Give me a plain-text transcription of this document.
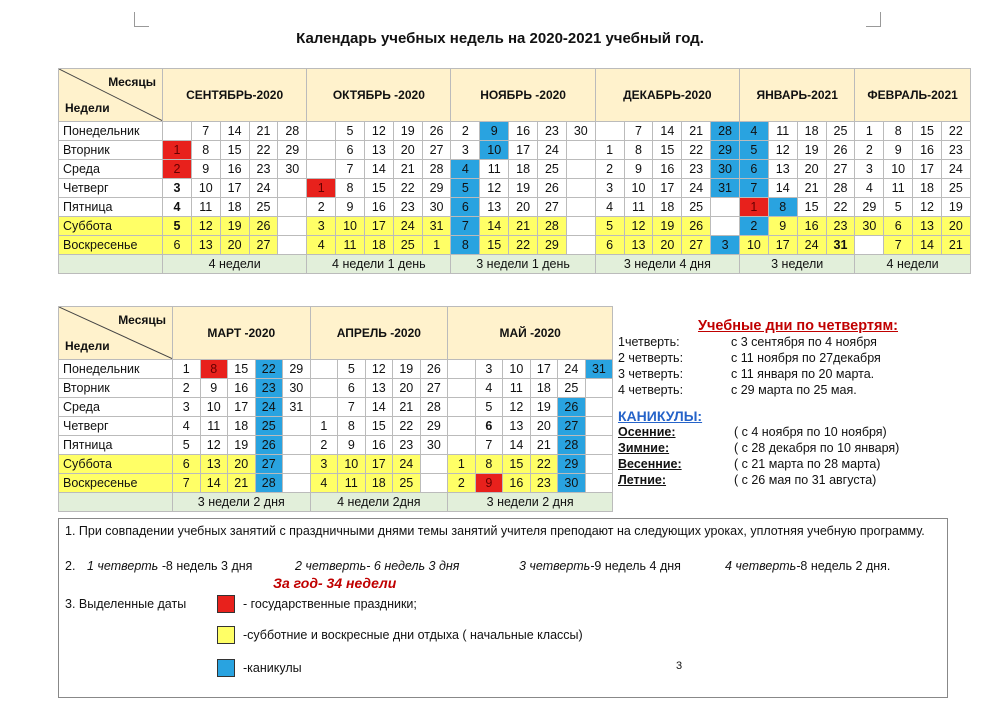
Календарь учебных недель на 2020-2021 учебный год.
Месяцы
Недели	СЕНТЯБРЬ-2020					ОКТЯБРЬ -2020					НОЯБРЬ -2020					ДЕКАБРЬ-2020					ЯНВАРЬ-2021				ФЕВРАЛЬ-2021				
Понедельник		7	14	21	28		5	12	19	26	2	9	16	23	30		7	14	21	28	4	11	18	25	1	8	15	22	
Вторник	1	8	15	22	29		6	13	20	27	3	10	17	24		1	8	15	22	29	5	12	19	26	2	9	16	23	
Среда	2	9	16	23	30		7	14	21	28	4	11	18	25		2	9	16	23	30	6	13	20	27	3	10	17	24	
Четверг	3	10	17	24		1	8	15	22	29	5	12	19	26		3	10	17	24	31	7	14	21	28	4	11	18	25	
Пятница	4	11	18	25		2	9	16	23	30	6	13	20	27		4	11	18	25		1	8	15	22	29	5	12	19	
Суббота	5	12	19	26		3	10	17	24	31	7	14	21	28		5	12	19	26		2	9	16	23	30	6	13	20	
Воскресенье	6	13	20	27		4	11	18	25	1	8	15	22	29		6	13	20	27	3	10	17	24	31		7	14	21	
	4 недели					4 недели 1 день					3 недели 1 день					3 недели 4 дня					3 недели				4 недели				
Месяцы
Недели	МАРТ -2020					АПРЕЛЬ -2020					МАЙ -2020					
Понедельник	1	8	15	22	29		5	12	19	26		3	10	17	24	31
Вторник	2	9	16	23	30		6	13	20	27		4	11	18	25	
Среда	3	10	17	24	31		7	14	21	28		5	12	19	26	
Четверг	4	11	18	25		1	8	15	22	29		6	13	20	27	
Пятница	5	12	19	26		2	9	16	23	30		7	14	21	28	
Суббота	6	13	20	27		3	10	17	24		1	8	15	22	29	
Воскресенье	7	14	21	28		4	11	18	25		2	9	16	23	30	
	3 недели 2 дня					4 недели 2дня					3 недели 2 дня					
Учебные дни по четвертям:
1четверть:	с 3 сентября по 4 ноября
2 четверть:	с 11 ноября по 27декабря
3 четверть:	с 11 января по 20 марта.
4 четверть:	с 29 марта по 25 мая.
КАНИКУЛЫ:
Осенние:	( с 4 ноября по 10 ноября)
Зимние:	( с 28 декабря по 10 января)
Весенние:	( с 21 марта по 28 марта)
Летние:	( с 26 мая по 31 августа)
1. При совпадении учебных занятий с праздничными днями темы занятий учителя преподают на следующих уроках, уплотняя учебную программу.
2. 1 четверть -8 недель 3 дня	2 четверть- 6 недель 3 дня	3 четверть-9 недель 4 дня	4 четверть-8 недель 2 дня.
За год- 34 недели
3. Выделенные даты	- государственные праздники;
-субботние и воскресные дни отдыха ( начальные классы)
-каникулы	3
